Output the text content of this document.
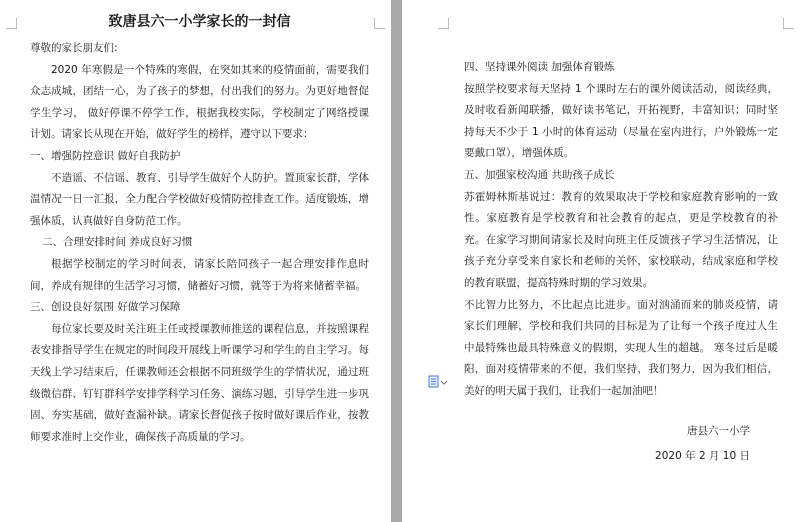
致唐县六一小学家长的一封信

尊敬的家长朋友们:

2020 年寒假是一个特殊的寒假，在突如其来的疫情面前，需要我们众志成城，团结一心，为了孩子的梦想，付出我们的努力。为更好地督促学生学习， 做好停课不停学工作，根据我校实际，学校制定了网络授课计划。请家长从现在开始，做好学生的榜样，遵守以下要求：

一、增强防控意识 做好自我防护

不造谣、不信谣、教育、引导学生做好个人防护。置顶家长群，学体温情况一日一汇报，全力配合学校做好疫情防控排查工作。适度锻炼，增强体质，认真做好自身防范工作。

二、合理安排时间 养成良好习惯

根据学校制定的学习时间表，请家长陪同孩子一起合理安排作息时间，养成有规律的生活学习习惯，储蓄好习惯，就等于为将来储蓄幸福。

三、创设良好氛围 好做学习保障

每位家长要及时关注班主任或授课教师推送的课程信息，并按照课程表安排指导学生在规定的时间段开展线上听课学习和学生的自主学习。每天线上学习结束后，任课教师还会根据不同班级学生的学情状况，通过班级微信群、钉钉群科学安排学科学习任务、演练习题，引导学生进一步巩固、夯实基础，做好查漏补缺。请家长督促孩子按时做好课后作业，按教师要求准时上交作业，确保孩子高质量的学习。

四、坚持课外阅读 加强体育锻炼

按照学校要求每天坚持 1 个课时左右的课外阅读活动，阅读经典，及时收看新闻联播，做好读书笔记，开拓视野，丰富知识；同时坚持每天不少于 1 小时的体育运动（尽量在室内进行，户外锻炼一定要戴口罩），增强体质。

五、加强家校沟通 共助孩子成长

苏霍姆林斯基说过：教育的效果取决于学校和家庭教育影响的一致性。家庭教育是学校教育和社会教育的起点，更是学校教育的补充。在家学习期间请家长及时向班主任反馈孩子学习生活情况，让孩子充分享受来自家长和老师的关怀，家校联动，结成家庭和学校的教育联盟，提高特殊时期的学习效果。

不比智力比努力，不比起点比进步。面对汹涌而来的肺炎疫情，请家长们理解，学校和我们共同的目标是为了让每一个孩子度过人生中最特殊也最具特殊意义的假期，实现人生的超越。 寒冬过后是暖阳，面对疫情带来的不便，我们坚持，我们努力，因为我们相信，美好的明天属于我们，让我们一起加油吧！

唐县六一小学

2020 年 2 月 10 日
